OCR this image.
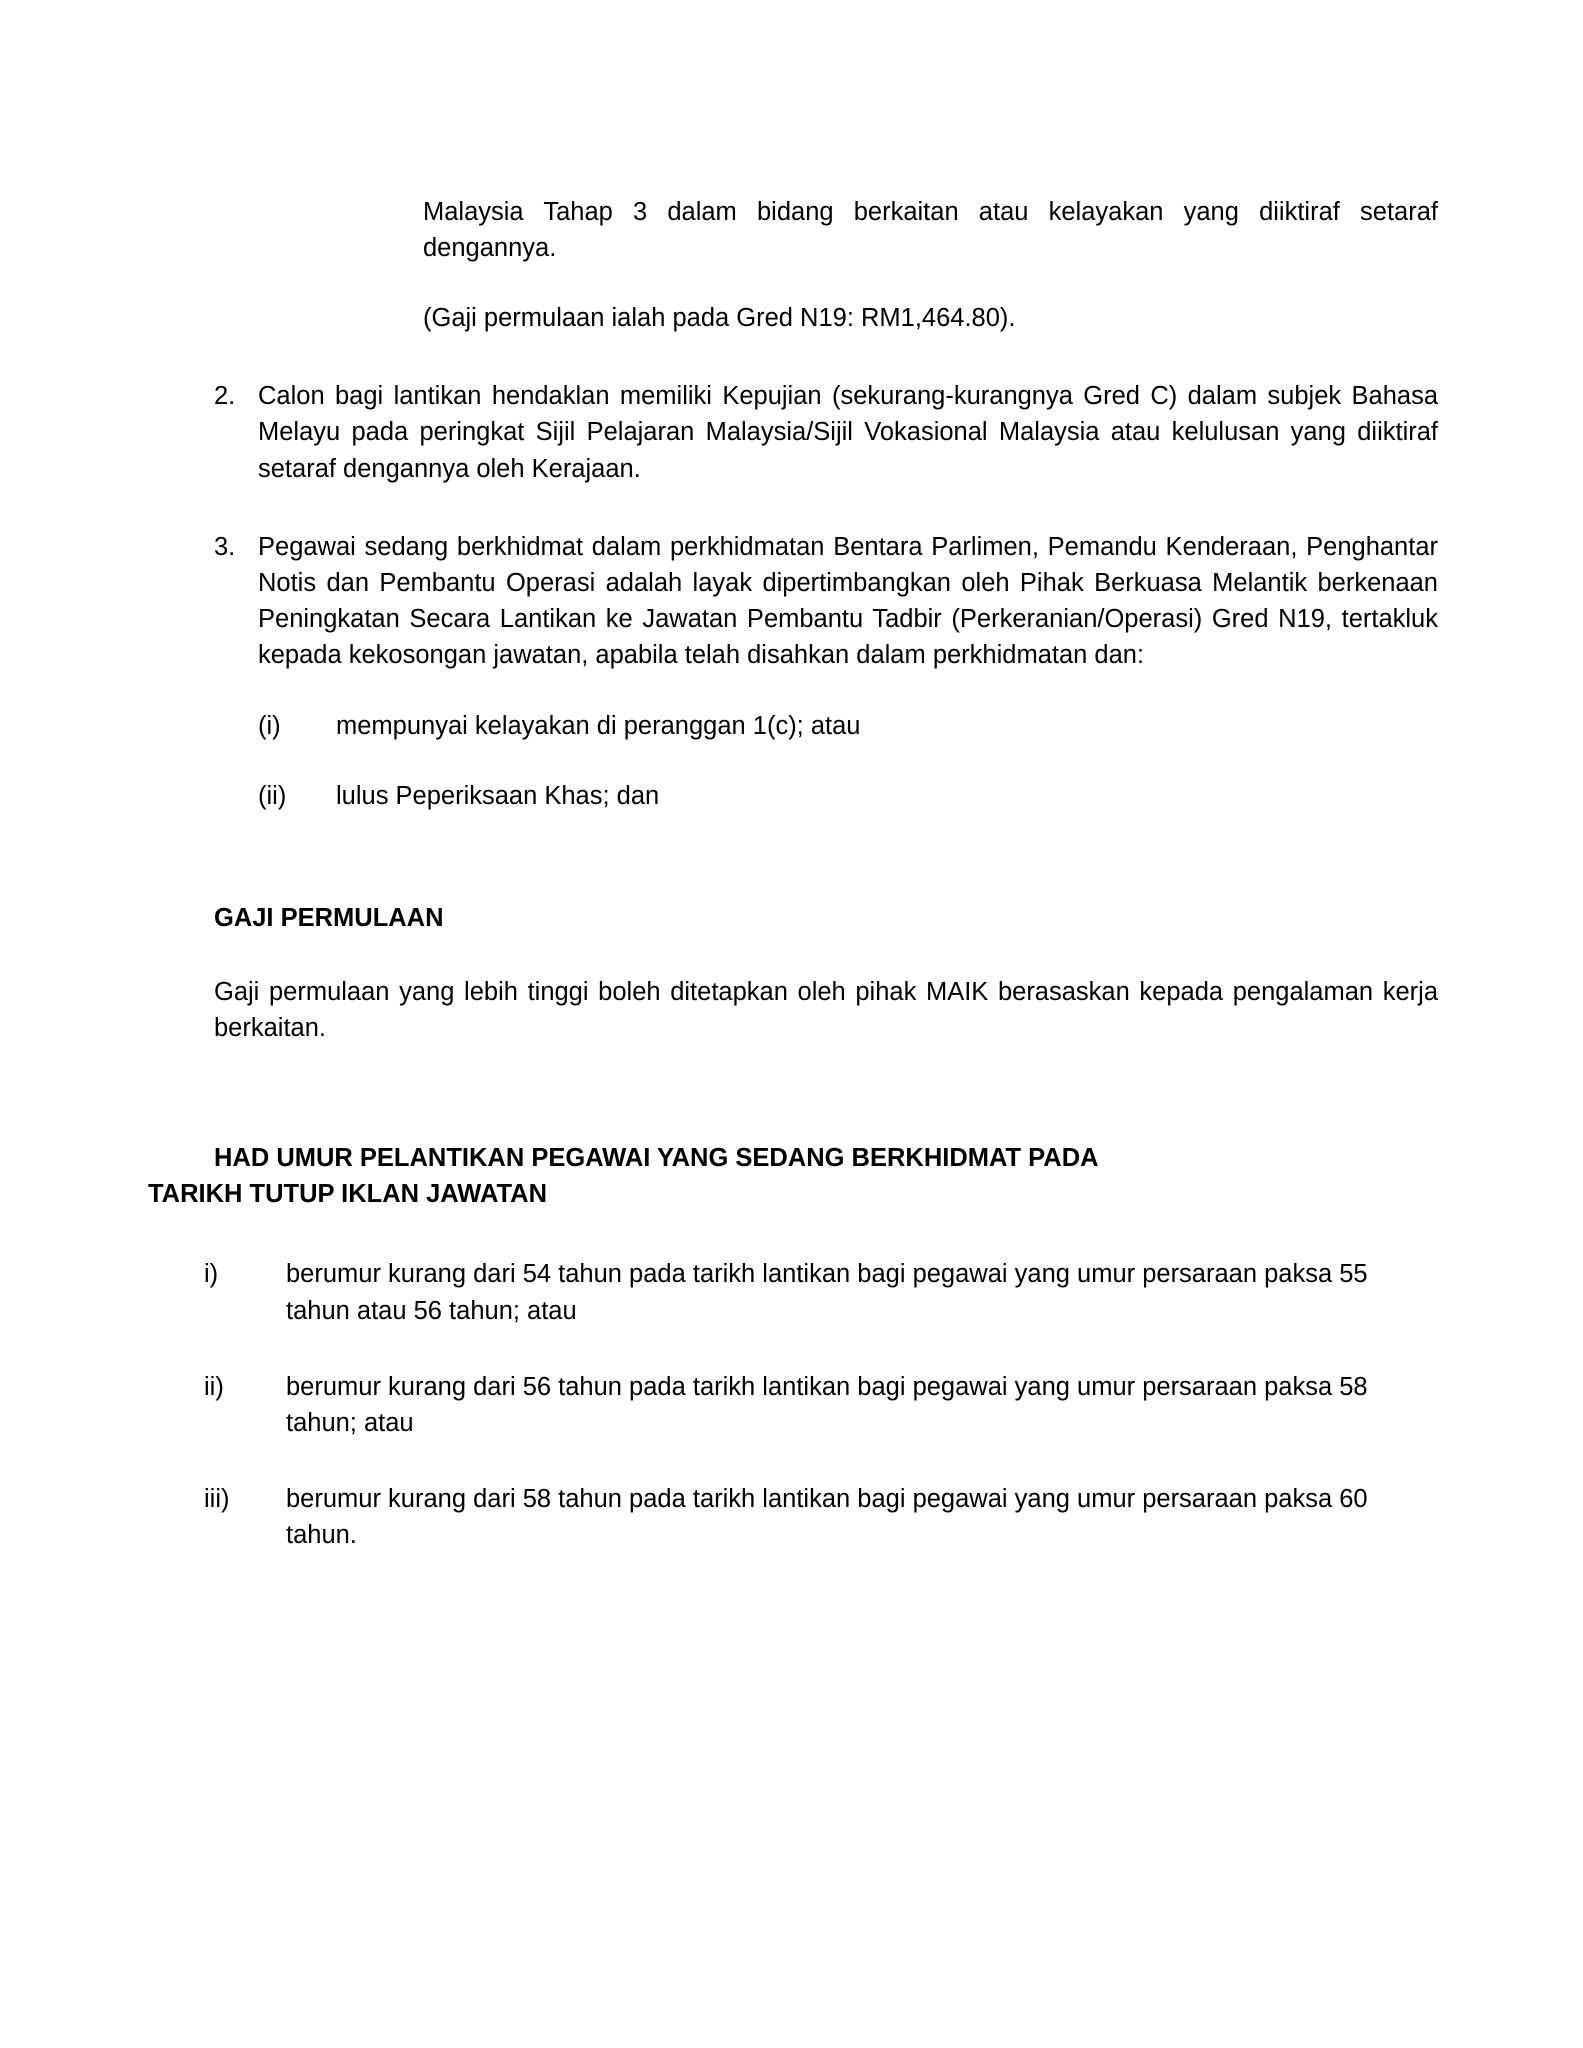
Malaysia Tahap 3 dalam bidang berkaitan atau kelayakan yang diiktiraf setaraf dengannya.

(Gaji permulaan ialah pada Gred N19: RM1,464.80).

2. Calon bagi lantikan hendaklan memiliki Kepujian (sekurang-kurangnya Gred C) dalam subjek Bahasa Melayu pada peringkat Sijil Pelajaran Malaysia/Sijil Vokasional Malaysia atau kelulusan yang diiktiraf setaraf dengannya oleh Kerajaan.
3. Pegawai sedang berkhidmat dalam perkhidmatan Bentara Parlimen, Pemandu Kenderaan, Penghantar Notis dan Pembantu Operasi adalah layak dipertimbangkan oleh Pihak Berkuasa Melantik berkenaan Peningkatan Secara Lantikan ke Jawatan Pembantu Tadbir (Perkeranian/Operasi) Gred N19, tertakluk kepada kekosongan jawatan, apabila telah disahkan dalam perkhidmatan dan:
(i)	mempunyai kelayakan di peranggan 1(c); atau
(ii)	lulus Peperiksaan Khas; dan
GAJI PERMULAAN

Gaji permulaan yang lebih tinggi boleh ditetapkan oleh pihak MAIK berasaskan kepada pengalaman kerja berkaitan.

HAD UMUR PELANTIKAN PEGAWAI YANG SEDANG BERKHIDMAT PADA
TARIKH TUTUP IKLAN JAWATAN
i)	berumur kurang dari 54 tahun pada tarikh lantikan bagi pegawai yang umur persaraan paksa 55 tahun atau 56 tahun; atau
ii)	berumur kurang dari 56 tahun pada tarikh lantikan bagi pegawai yang umur persaraan paksa 58 tahun; atau
iii)	berumur kurang dari 58 tahun pada tarikh lantikan bagi pegawai yang umur persaraan paksa 60 tahun.
